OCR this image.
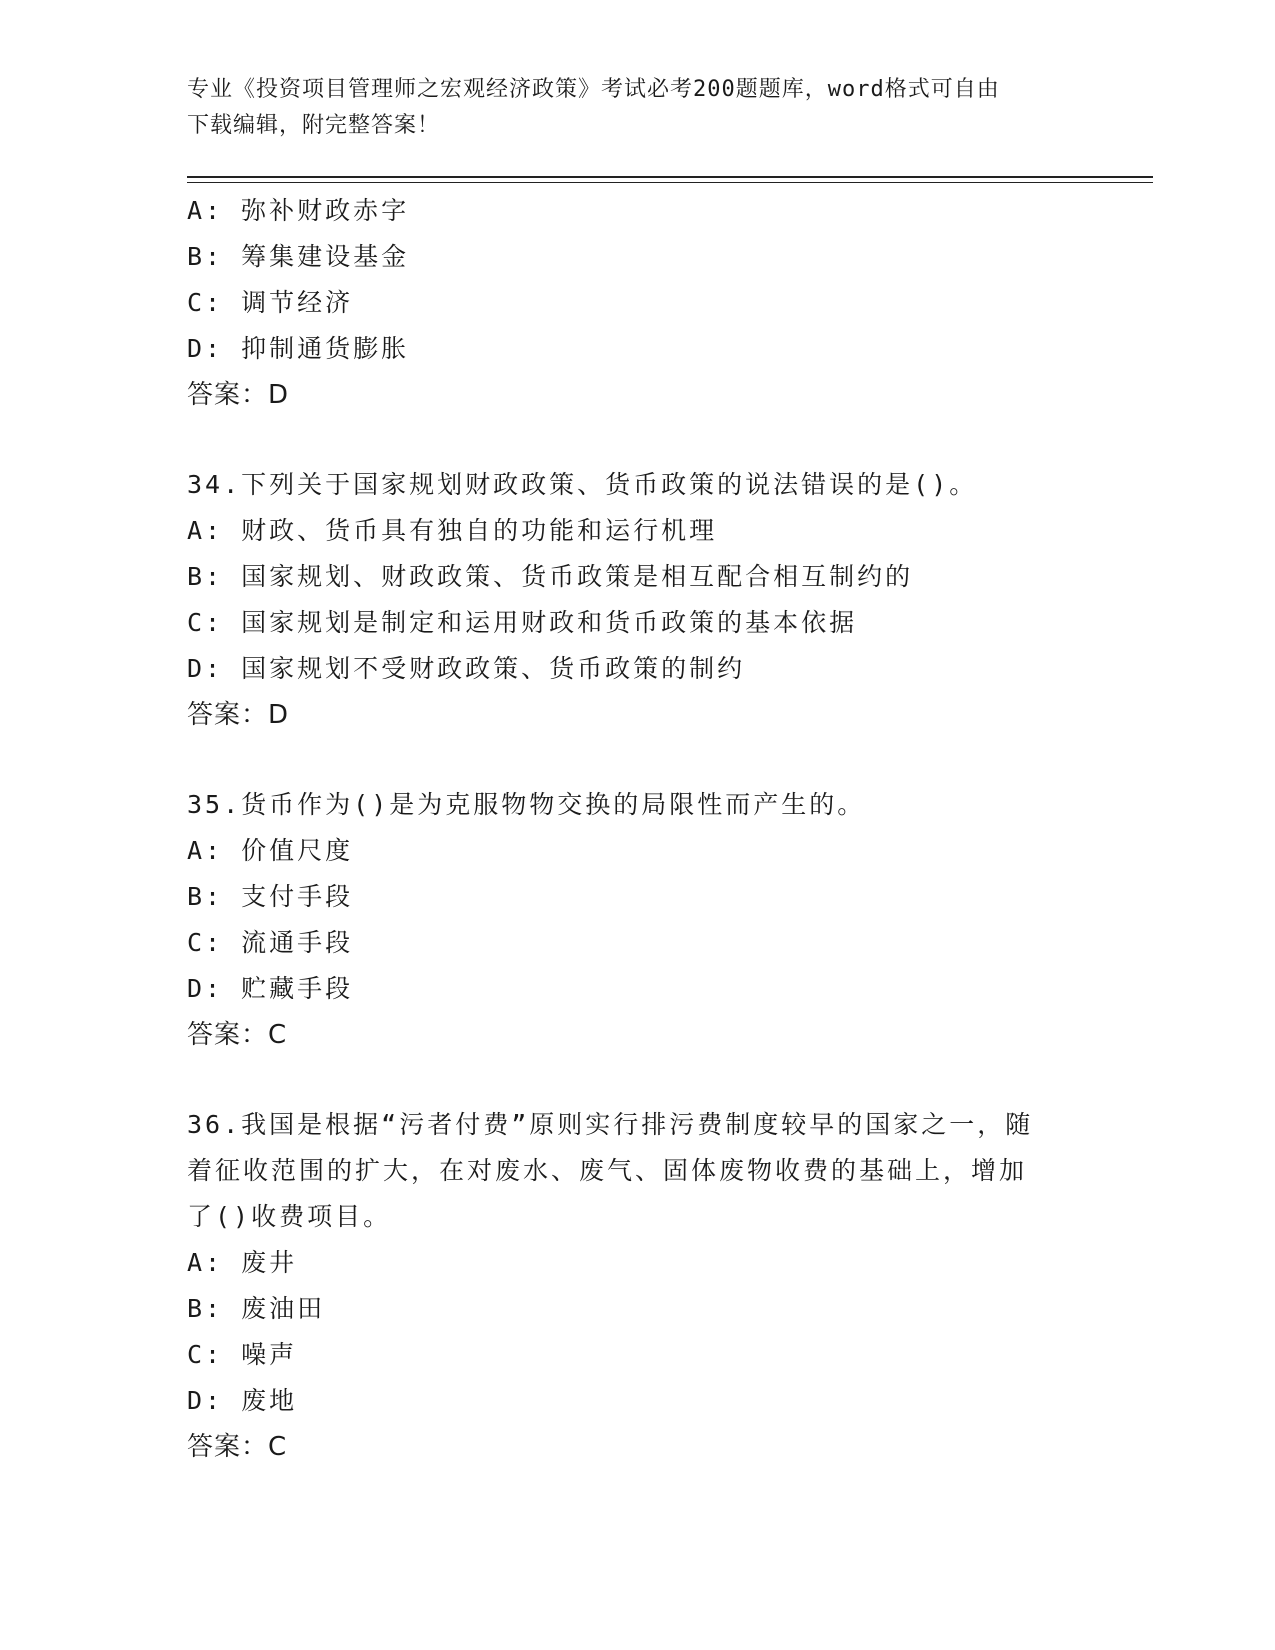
专业《投资项目管理师之宏观经济政策》考试必考200题题库，word格式可自由
下载编辑，附完整答案！
A: 弥补财政赤字
B: 筹集建设基金
C: 调节经济
D: 抑制通货膨胀
答案：D
34.下列关于国家规划财政政策、货币政策的说法错误的是()。
A: 财政、货币具有独自的功能和运行机理
B: 国家规划、财政政策、货币政策是相互配合相互制约的
C: 国家规划是制定和运用财政和货币政策的基本依据
D: 国家规划不受财政政策、货币政策的制约
答案：D
35.货币作为()是为克服物物交换的局限性而产生的。
A: 价值尺度
B: 支付手段
C: 流通手段
D: 贮藏手段
答案：C
36.我国是根据“污者付费”原则实行排污费制度较早的国家之一，随
着征收范围的扩大，在对废水、废气、固体废物收费的基础上，增加
了()收费项目。
A: 废井
B: 废油田
C: 噪声
D: 废地
答案：C
